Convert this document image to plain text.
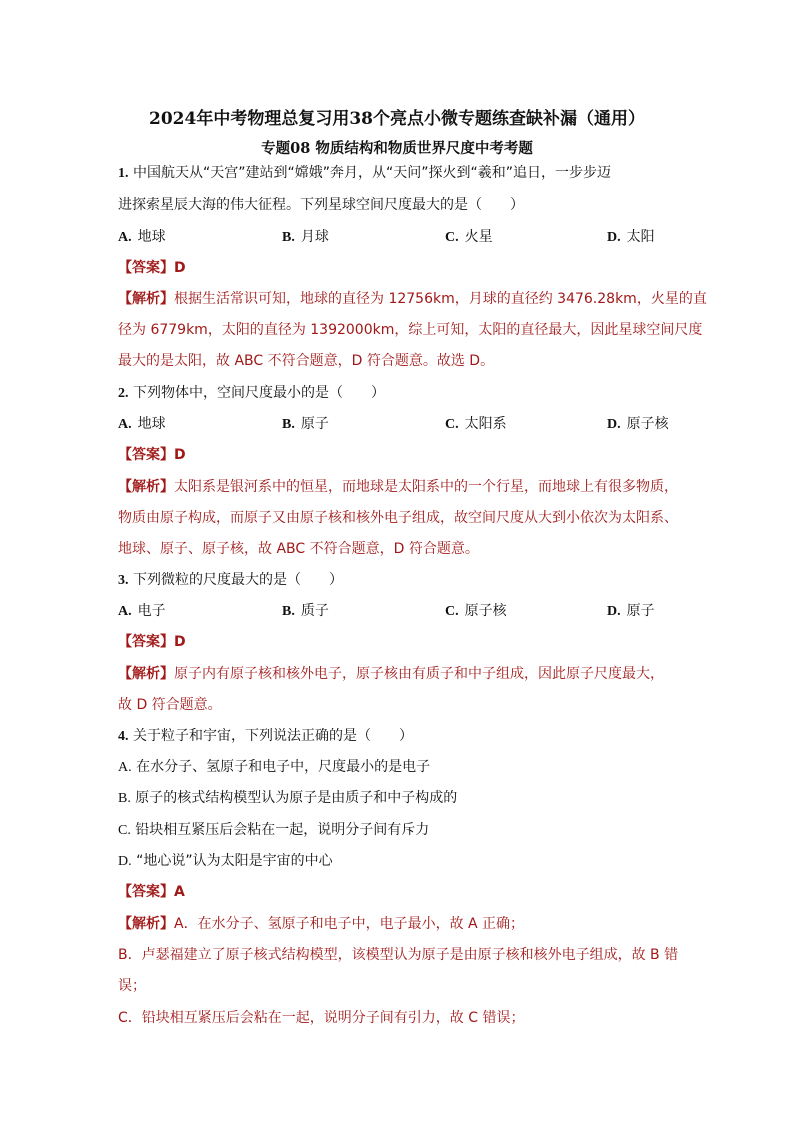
2024年中考物理总复习用38个亮点小微专题练查缺补漏（通用）
专题08 物质结构和物质世界尺度中考考题
1. 中国航天从“天宫”建站到“嫦娥”奔月，从“天问”探火到“羲和”追日，一步步迈
进探索星辰大海的伟大征程。下列星球空间尺度最大的是（　　）
A. 地球	B. 月球	C. 火星	D. 太阳
【答案】D
【解析】根据生活常识可知，地球的直径为 12756km，月球的直径约 3476.28km，火星的直
径为 6779km，太阳的直径为 1392000km，综上可知，太阳的直径最大，因此星球空间尺度
最大的是太阳，故 ABC 不符合题意，D 符合题意。故选 D。
2. 下列物体中，空间尺度最小的是（　　）
A. 地球	B. 原子	C. 太阳系	D. 原子核
【答案】D
【解析】太阳系是银河系中的恒星，而地球是太阳系中的一个行星，而地球上有很多物质，
物质由原子构成，而原子又由原子核和核外电子组成，故空间尺度从大到小依次为太阳系、
地球、原子、原子核，故 ABC 不符合题意，D 符合题意。
3. 下列微粒的尺度最大的是（　　）
A. 电子	B. 质子	C. 原子核	D. 原子
【答案】D
【解析】原子内有原子核和核外电子，原子核由有质子和中子组成，因此原子尺度最大，
故 D 符合题意。
4. 关于粒子和宇宙，下列说法正确的是（　　）
A. 在水分子、氢原子和电子中，尺度最小的是电子
B. 原子的核式结构模型认为原子是由质子和中子构成的
C. 铅块相互紧压后会粘在一起，说明分子间有斥力
D. “地心说”认为太阳是宇宙的中心
【答案】A
【解析】A．在水分子、氢原子和电子中，电子最小，故 A 正确；
B．卢瑟福建立了原子核式结构模型，该模型认为原子是由原子核和核外电子组成，故 B 错
误；
C．铅块相互紧压后会粘在一起，说明分子间有引力，故 C 错误；
